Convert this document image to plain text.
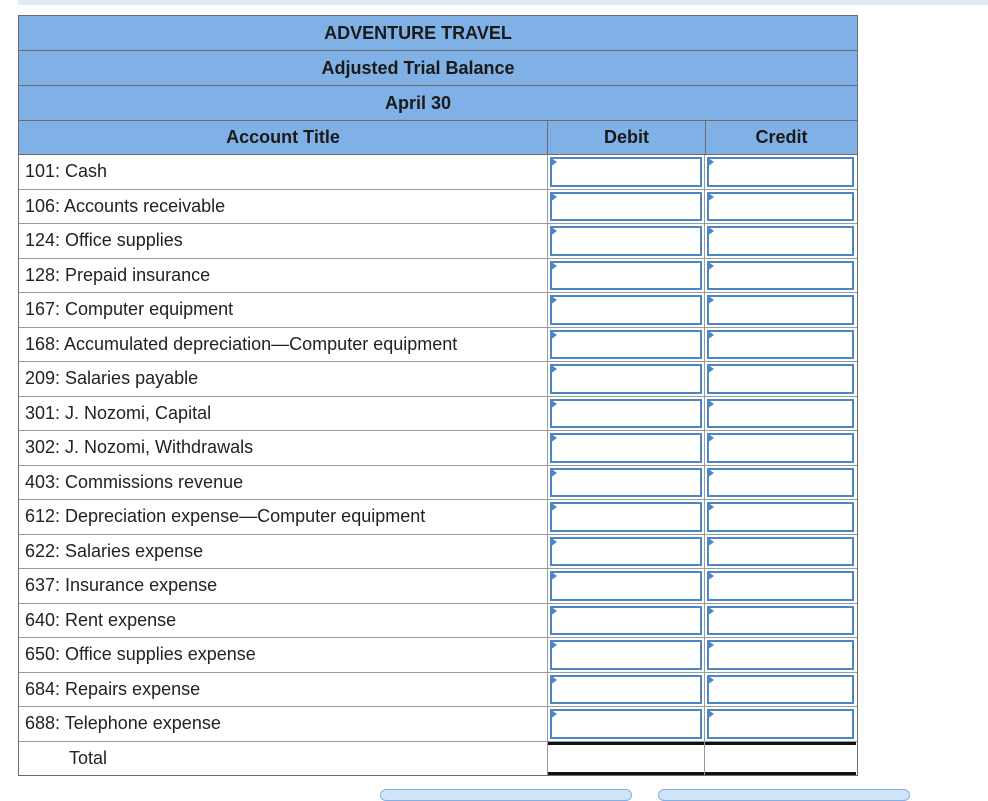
ADVENTURE TRAVEL
Adjusted Trial Balance
April 30
Account Title	Debit	Credit
101: Cash
106: Accounts receivable
124: Office supplies
128: Prepaid insurance
167: Computer equipment
168: Accumulated depreciation—Computer equipment
209: Salaries payable
301: J. Nozomi, Capital
302: J. Nozomi, Withdrawals
403: Commissions revenue
612: Depreciation expense—Computer equipment
622: Salaries expense
637: Insurance expense
640: Rent expense
650: Office supplies expense
684: Repairs expense
688: Telephone expense
Total
